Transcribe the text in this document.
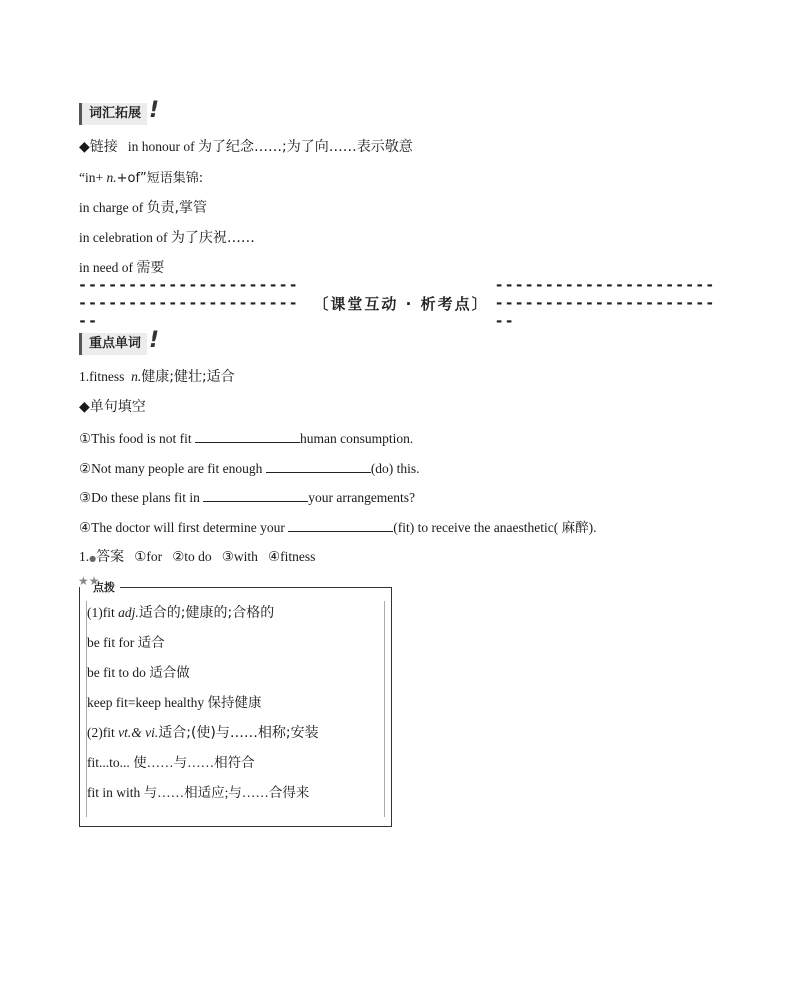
词汇拓展 !
◆链接 in honour of 为了纪念……;为了向……表示敬意
“in+ n.+of”短语集锦:
in charge of 负责,掌管
in celebration of 为了庆祝……
in need of 需要
----------------------------------------------
〔课堂互动 · 析考点〕
----------------------------------------------
重点单词 !
1.fitness n.健康;健壮;适合
◆单句填空
①This food is not fit	human consumption.
②Not many people are fit enough	(do) this.
③Do these plans fit in	your arrangements?
④The doctor will first determine your	(fit) to receive the anaesthetic( 麻醉).
1.●答案 ①for   ②to do   ③with   ④fitness
★★
点拨
(1)fit adj.适合的;健康的;合格的
be fit for 适合
be fit to do 适合做
keep fit=keep healthy 保持健康
(2)fit vt.& vi.适合;(使)与……相称;安装
fit...to... 使……与……相符合
fit in with 与……相适应;与……合得来
